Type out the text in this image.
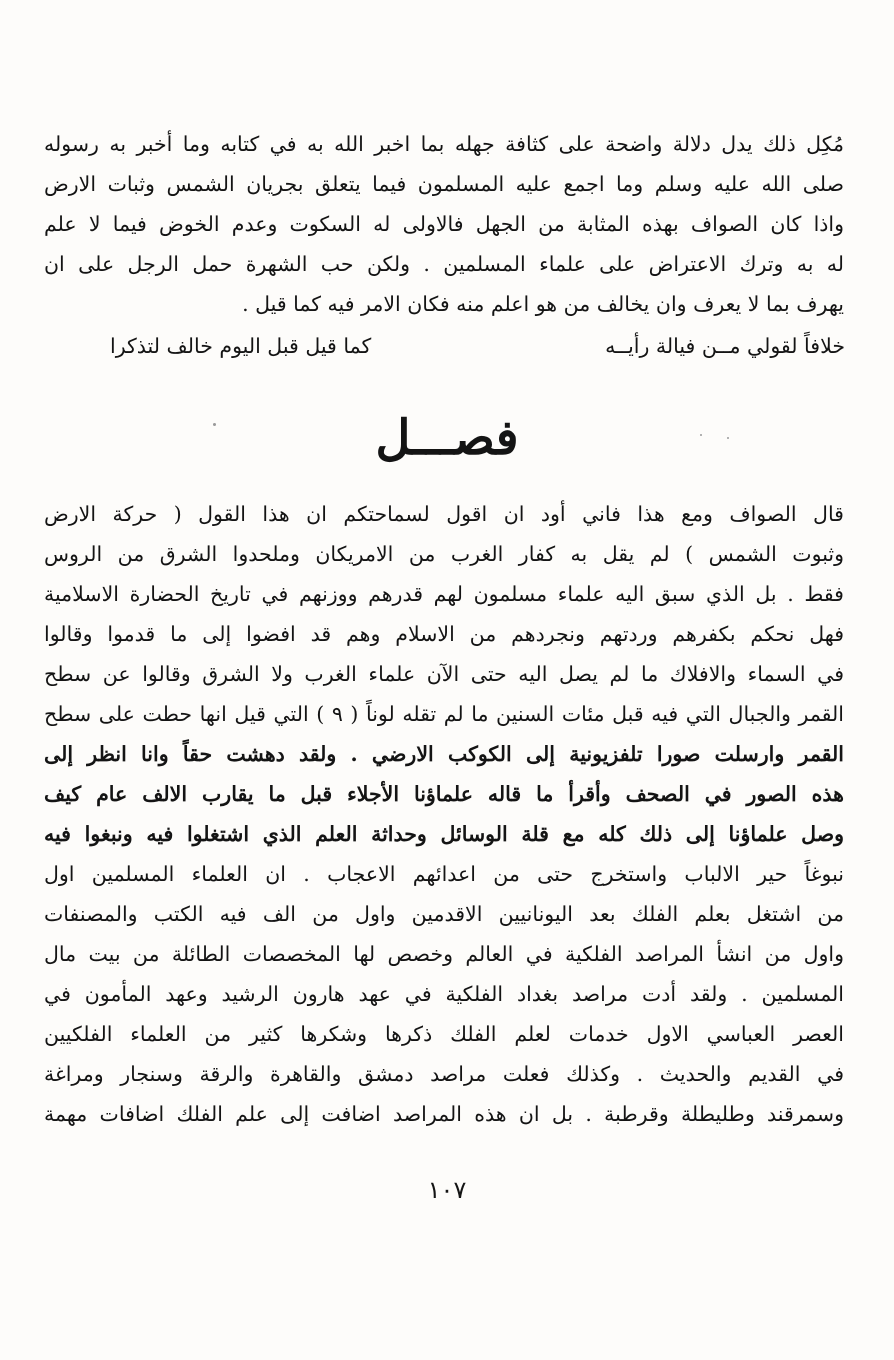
مُكِل ذلك يدل دلالة واضحة على كثافة جهله بما اخبر الله به في كتابه وما أخبر به رسوله
صلى الله عليه وسلم وما اجمع عليه المسلمون فيما يتعلق بجريان الشمس وثبات الارض
واذا كان الصواف بهذه المثابة من الجهل فالاولى له السكوت وعدم الخوض فيما لا علم
له به وترك الاعتراض على علماء المسلمين . ولكن حب الشهرة حمل الرجل على ان
يهرف بما لا يعرف وان يخالف من هو اعلم منه فكان الامر فيه كما قيل .
خلافاً لقولي مــن فيالة رأيــه
كما قيل قبل اليوم خالف لتذكرا
فصـــل
قال الصواف ومع هذا فاني أود ان اقول لسماحتكم ان هذا القول ( حركة الارض
وثبوت الشمس ) لم يقل به كفار الغرب من الامريكان وملحدوا الشرق من الروس
فقط . بل الذي سبق اليه علماء مسلمون لهم قدرهم ووزنهم في تاريخ الحضارة الاسلامية
فهل نحكم بكفرهم وردتهم ونجردهم من الاسلام وهم قد افضوا إلى ما قدموا وقالوا
في السماء والافلاك ما لم يصل اليه حتى الآن علماء الغرب ولا الشرق وقالوا عن سطح
القمر والجبال التي فيه قبل مئات السنين ما لم تقله لوناً ( ٩ ) التي قيل انها حطت على سطح
القمر وارسلت صورا تلفزيونية إلى الكوكب الارضي . ولقد دهشت حقاً وانا انظر إلى
هذه الصور في الصحف وأقرأ ما قاله علماؤنا الأجلاء قبل ما يقارب الالف عام كيف
وصل علماؤنا إلى ذلك كله مع قلة الوسائل وحداثة العلم الذي اشتغلوا فيه ونبغوا فيه
نبوغاً حير الالباب واستخرج حتى من اعدائهم الاعجاب . ان العلماء المسلمين اول
من اشتغل بعلم الفلك بعد اليونانيين الاقدمين واول من الف فيه الكتب والمصنفات
واول من انشأ المراصد الفلكية في العالم وخصص لها المخصصات الطائلة من بيت مال
المسلمين . ولقد أدت مراصد بغداد الفلكية في عهد هارون الرشيد وعهد المأمون في
العصر العباسي الاول خدمات لعلم الفلك ذكرها وشكرها كثير من العلماء الفلكيين
في القديم والحديث . وكذلك فعلت مراصد دمشق والقاهرة والرقة وسنجار ومراغة
وسمرقند وطليطلة وقرطبة . بل ان هذه المراصد اضافت إلى علم الفلك اضافات مهمة
١٠٧
